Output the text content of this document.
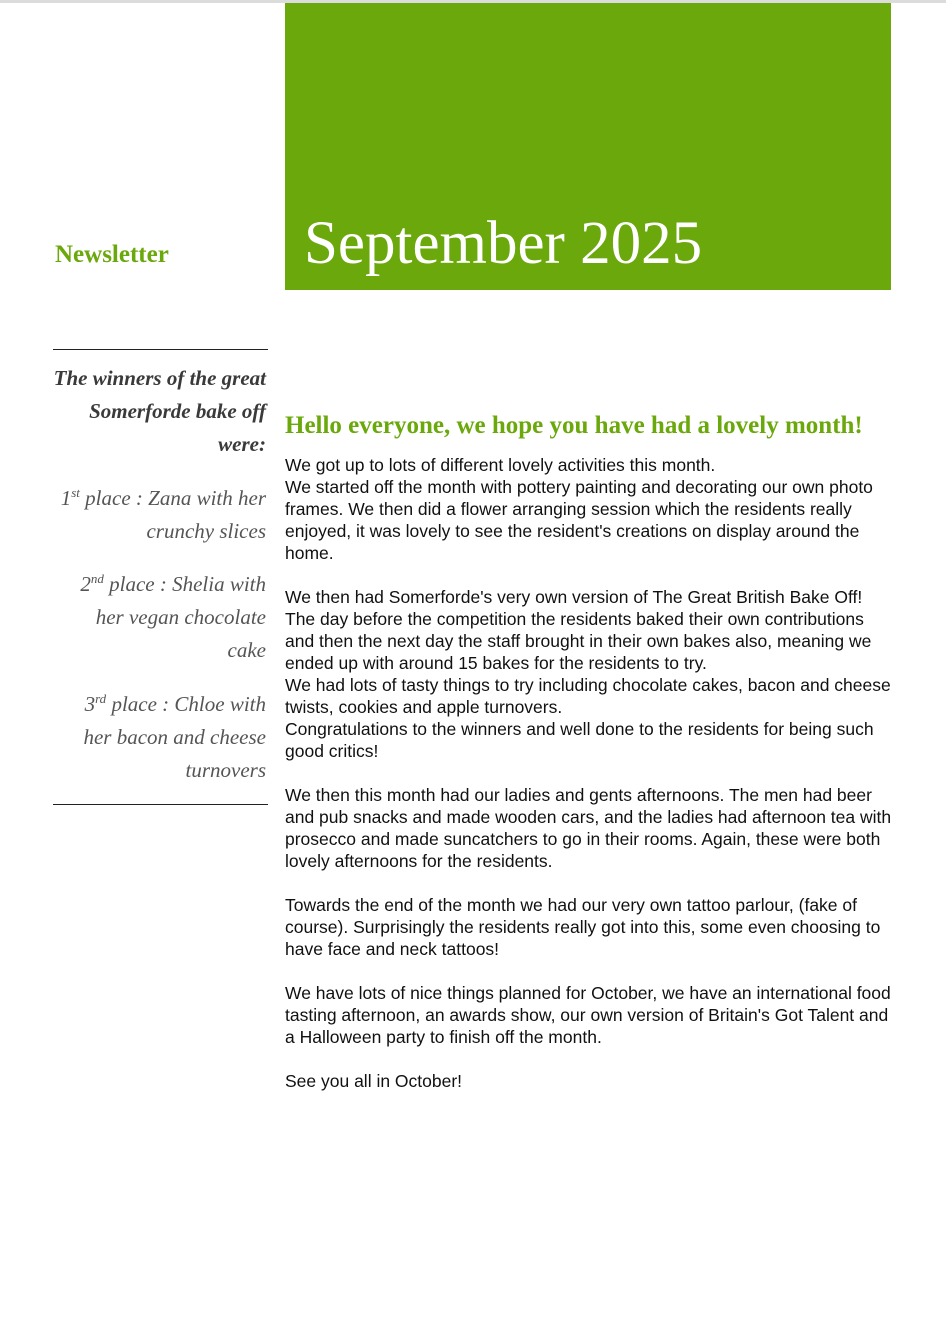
September 2025
Newsletter

The winners of the great Somerforde bake off were:

1st place : Zana with her crunchy slices

2nd place : Shelia with her vegan chocolate cake

3rd place : Chloe with her bacon and cheese turnovers

Hello everyone, we hope you have had a lovely month!

We got up to lots of different lovely activities this month.
We started off the month with pottery painting and decorating our own photo frames. We then did a flower arranging session which the residents really enjoyed, it was lovely to see the resident's creations on display around the home.

We then had Somerforde's very own version of The Great British Bake Off!
The day before the competition the residents baked their own contributions and then the next day the staff brought in their own bakes also, meaning we ended up with around 15 bakes for the residents to try.
We had lots of tasty things to try including chocolate cakes, bacon and cheese twists, cookies and apple turnovers.
Congratulations to the winners and well done to the residents for being such good critics!

We then this month had our ladies and gents afternoons. The men had beer and pub snacks and made wooden cars, and the ladies had afternoon tea with prosecco and made suncatchers to go in their rooms. Again, these were both lovely afternoons for the residents.

Towards the end of the month we had our very own tattoo parlour, (fake of course). Surprisingly the residents really got into this, some even choosing to have face and neck tattoos!

We have lots of nice things planned for October, we have an international food tasting afternoon, an awards show, our own version of Britain's Got Talent and a Halloween party to finish off the month.

See you all in October!
